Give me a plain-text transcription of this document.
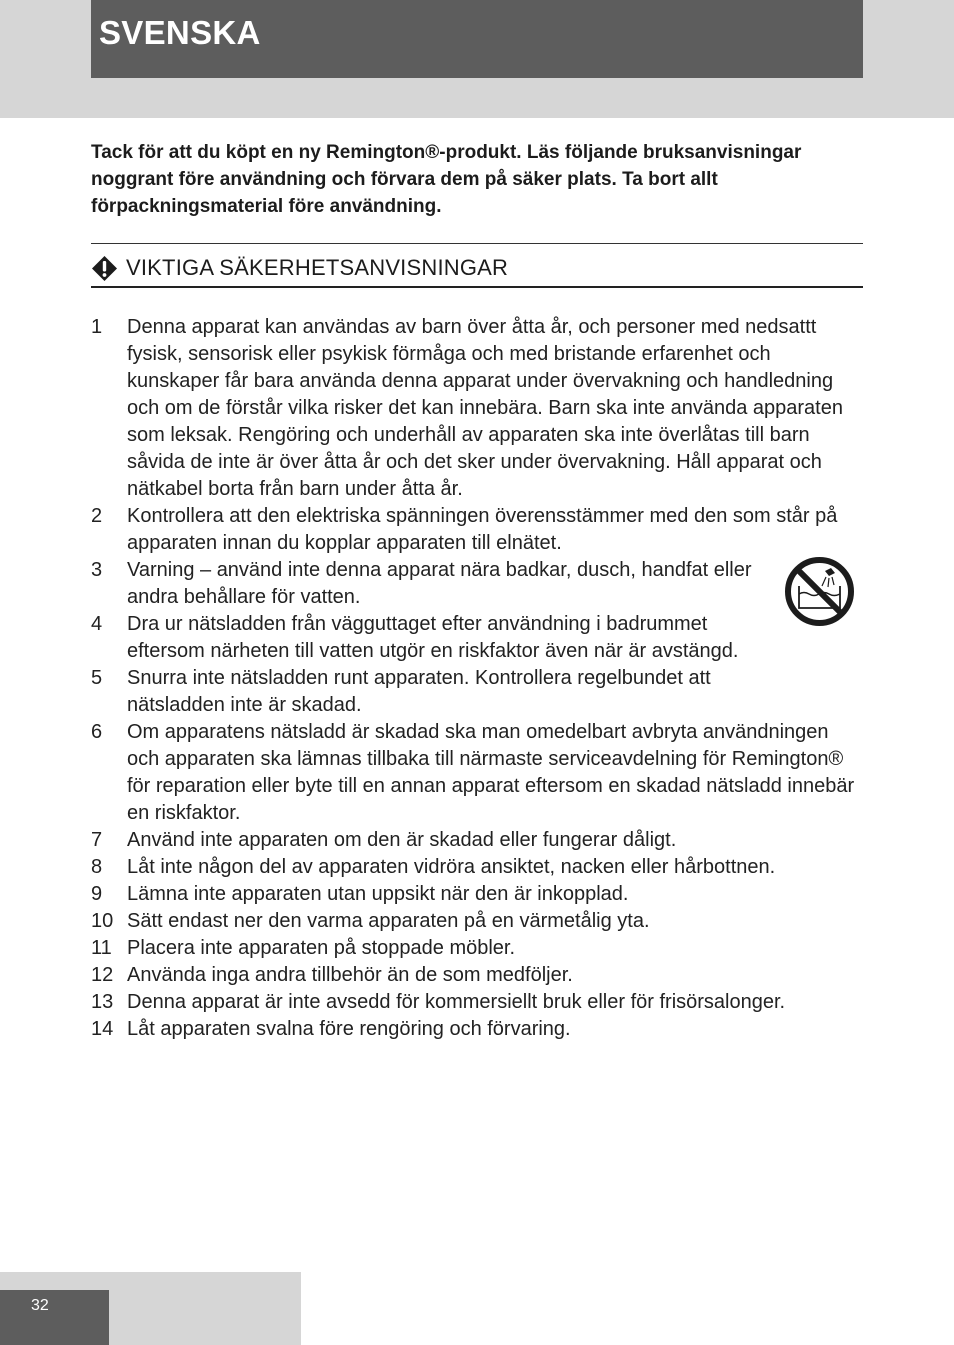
SVENSKA

Tack för att du köpt en ny Remington®-produkt. Läs följande bruksanvisningar noggrant före användning och förvara dem på säker plats. Ta bort allt förpackningsmaterial före användning.

VIKTIGA SÄKERHETSANVISNINGAR
1	Denna apparat kan användas av barn över åtta år, och personer med nedsattt fysisk, sensorisk eller psykisk förmåga och med bristande erfarenhet och kunskaper får bara använda denna apparat under övervakning och handledning och om de förstår vilka risker det kan innebära. Barn ska inte använda apparaten som leksak. Rengöring och underhåll av apparaten ska inte överlåtas till barn såvida de inte är över åtta år och det sker under övervakning. Håll apparat och nätkabel borta från barn under åtta år.
2	Kontrollera att den elektriska spänningen överensstämmer med den som står på apparaten innan du kopplar apparaten till elnätet.
3	Varning – använd inte denna apparat nära badkar, dusch, handfat eller andra behållare för vatten.
4	Dra ur nätsladden från vägguttaget efter användning i badrummet eftersom närheten till vatten utgör en riskfaktor även när är avstängd.
5	Snurra inte nätsladden runt apparaten. Kontrollera regelbundet att nätsladden inte är skadad.
6	Om apparatens nätsladd är skadad ska man omedelbart avbryta användningen och apparaten ska lämnas tillbaka till närmaste serviceavdelning för Remington® för reparation eller byte till en annan apparat eftersom en skadad nätsladd innebär en riskfaktor.
7	Använd inte apparaten om den är skadad eller fungerar dåligt.
8	Låt inte någon del av apparaten vidröra ansiktet, nacken eller hårbottnen.
9	Lämna inte apparaten utan uppsikt när den är inkopplad.
10 Sätt endast ner den varma apparaten på en värmetålig yta.
11 Placera inte apparaten på stoppade möbler.
12 Använda inga andra tillbehör än de som medföljer.
13 Denna apparat är inte avsedd för kommersiellt bruk eller för frisörsalonger.
14 Låt apparaten svalna före rengöring och förvaring.
32
